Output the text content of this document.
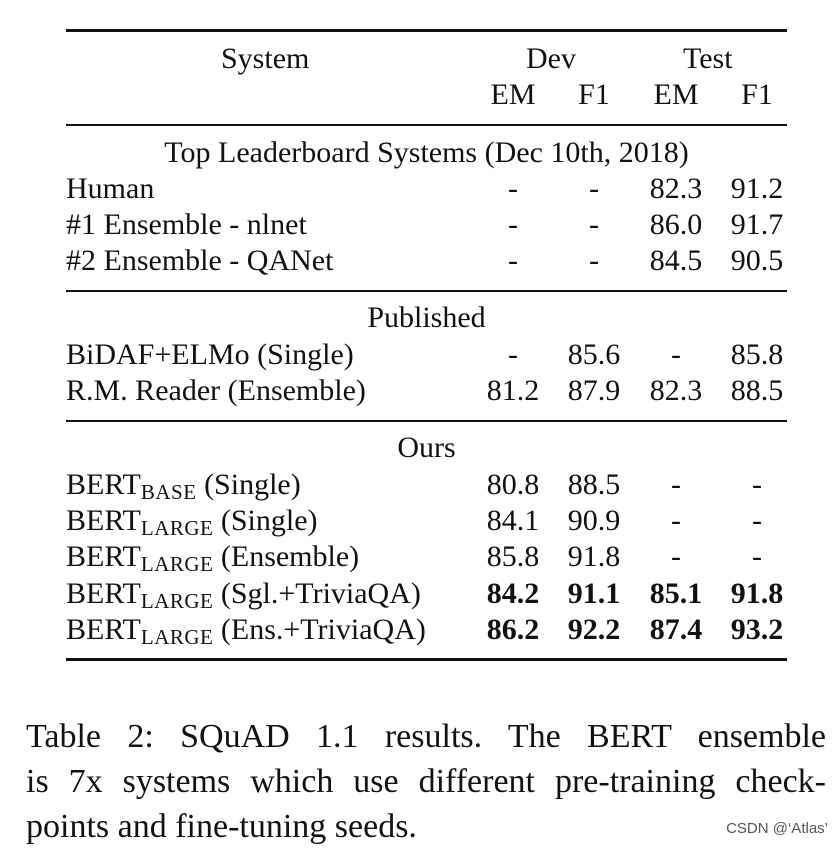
System	Dev	Test
EM	F1	EM	F1
Top Leaderboard Systems (Dec 10th, 2018)
Human	-	-	82.3 91.2
#1 Ensemble - nlnet	-	-	86.0 91.7
#2 Ensemble - QANet	-	-	84.5 90.5
Published
BiDAF+ELMo (Single)	-	85.6	-	85.8
R.M. Reader (Ensemble)	81.2 87.9 82.3 88.5
Ours
$BERT_{BASE}$ (Single)	80.8 88.5	-	-
$BERT_{LARGE}$ (Single)	84.1 90.9	-	-
$BERT_{LARGE}$ (Ensemble)	85.8 91.8	-	-
$BERT_{LARGE}$ (Sgl.+TriviaQA) 84.2 91.1 85.1 91.8
$BERT_{LARGE}$ (Ens.+TriviaQA) 86.2 92.2 87.4 93.2
Table 2: SQuAD 1.1 results. The BERT ensemble
is 7x systems which use different pre-training check-
points and fine-tuning seeds.	CSDN @‘Atlas’
